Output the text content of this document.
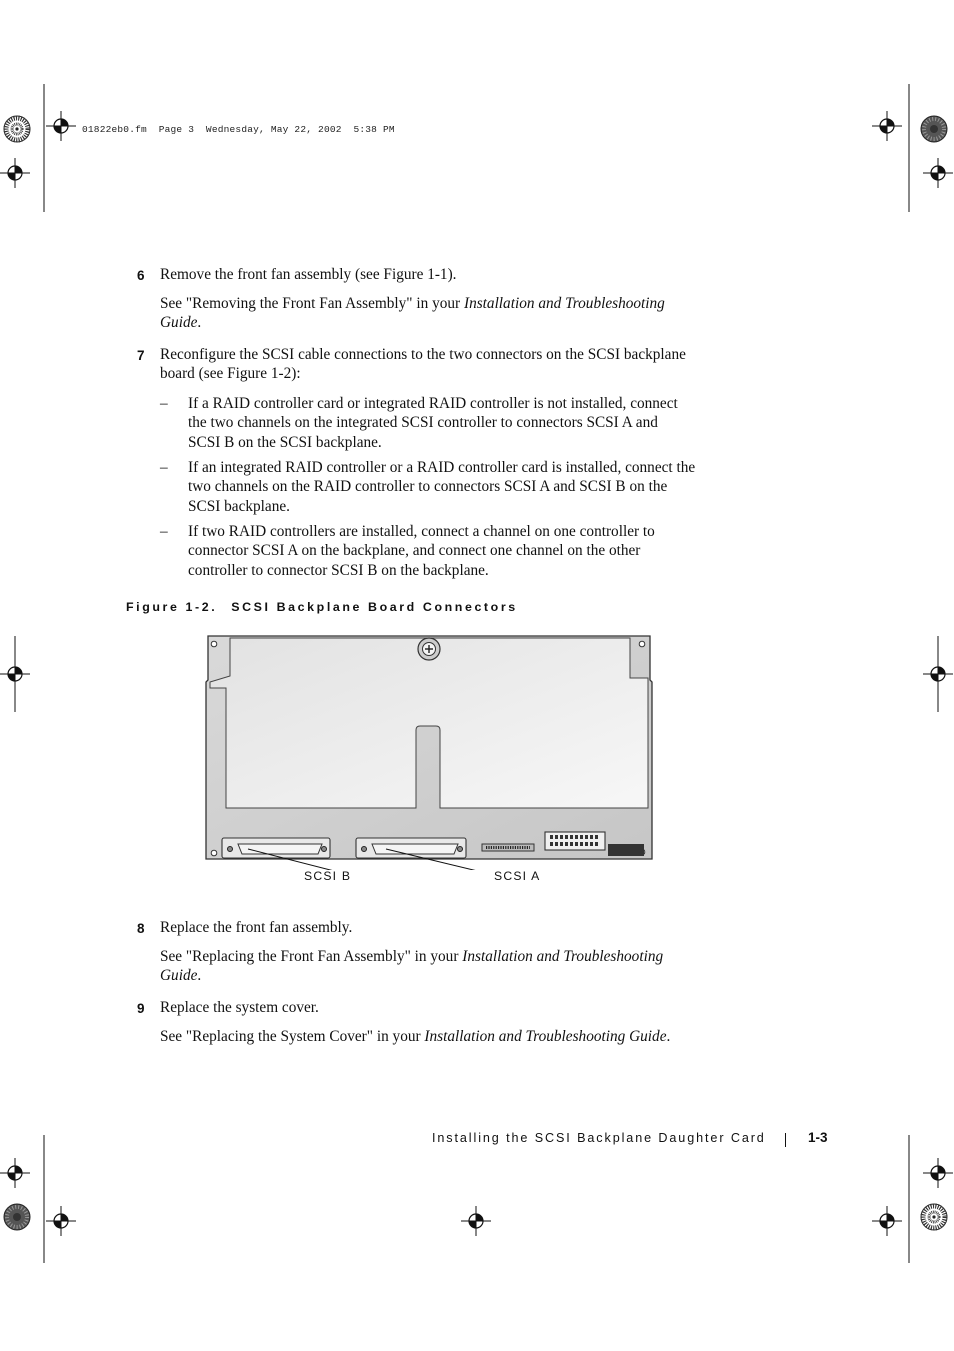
01822eb0.fm  Page 3  Wednesday, May 22, 2002  5:38 PM
6 Remove the front fan assembly (see Figure 1-1).
See "Removing the Front Fan Assembly" in your Installation and Troubleshooting
Guide.
7 Reconfigure the SCSI cable connections to the two connectors on the SCSI backplane
board (see Figure 1-2):
– If a RAID controller card or integrated RAID controller is not installed, connect
the two channels on the integrated SCSI controller to connectors SCSI A and
SCSI B on the SCSI backplane.
– If an integrated RAID controller or a RAID controller card is installed, connect the
two channels on the RAID controller to connectors SCSI A and SCSI B on the
SCSI backplane.
– If two RAID controllers are installed, connect a channel on one controller to
connector SCSI A on the backplane, and connect one channel on the other
controller to connector SCSI B on the backplane.
Figure 1-2. SCSI Backplane Board Connectors
SCSI B	SCSI A
8 Replace the front fan assembly.
See "Replacing the Front Fan Assembly" in your Installation and Troubleshooting
Guide.
9 Replace the system cover.
See "Replacing the System Cover" in your Installation and Troubleshooting Guide.
Installing the SCSI Backplane Daughter Card	1-3
